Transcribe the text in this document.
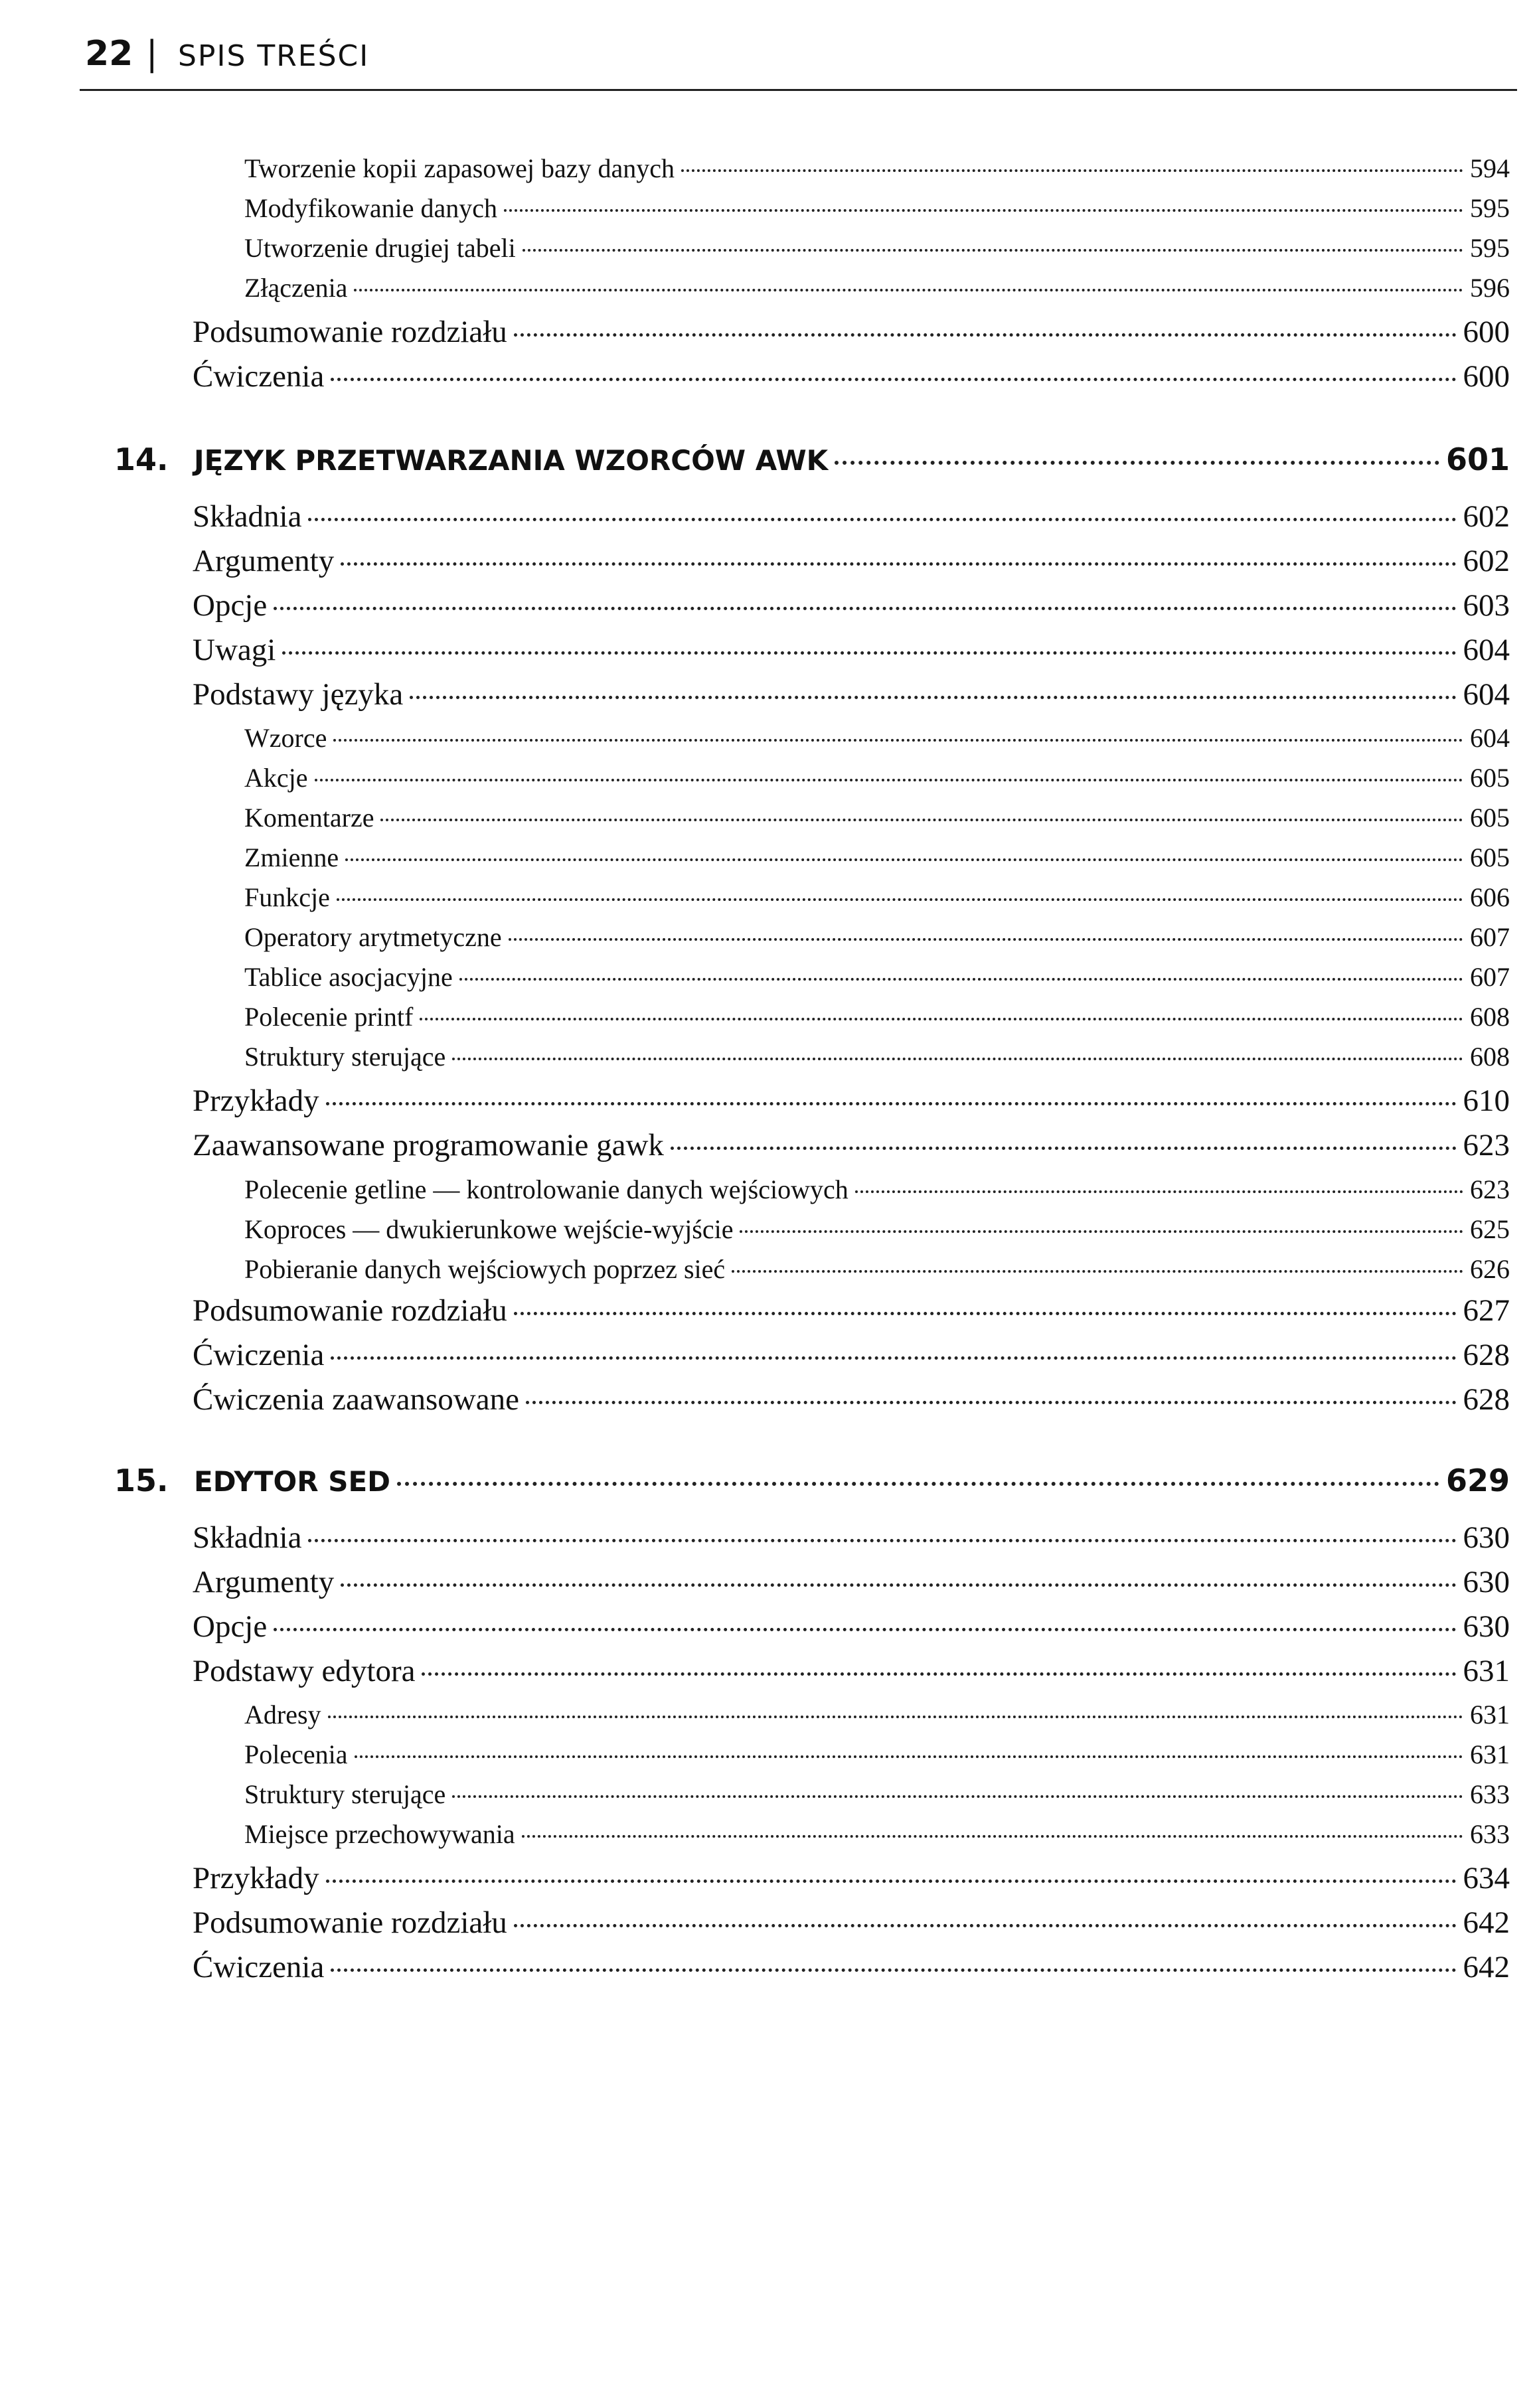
22 | SPIS TREŚCI
Tworzenie kopii zapasowej bazy danych	594
Modyfikowanie danych	595
Utworzenie drugiej tabeli	595
Złączenia	596
Podsumowanie rozdziału	600
Ćwiczenia	600
14. JĘZYK PRZETWARZANIA WZORCÓW AWK	601
Składnia	602
Argumenty	602
Opcje	603
Uwagi	604
Podstawy języka	604
Wzorce	604
Akcje	605
Komentarze	605
Zmienne	605
Funkcje	606
Operatory arytmetyczne	607
Tablice asocjacyjne	607
Polecenie printf	608
Struktury sterujące	608
Przykłady	610
Zaawansowane programowanie gawk	623
Polecenie getline — kontrolowanie danych wejściowych	623
Koproces — dwukierunkowe wejście-wyjście	625
Pobieranie danych wejściowych poprzez sieć	626
Podsumowanie rozdziału	627
Ćwiczenia	628
Ćwiczenia zaawansowane	628
15. EDYTOR SED	629
Składnia	630
Argumenty	630
Opcje	630
Podstawy edytora	631
Adresy	631
Polecenia	631
Struktury sterujące	633
Miejsce przechowywania	633
Przykłady	634
Podsumowanie rozdziału	642
Ćwiczenia	642
